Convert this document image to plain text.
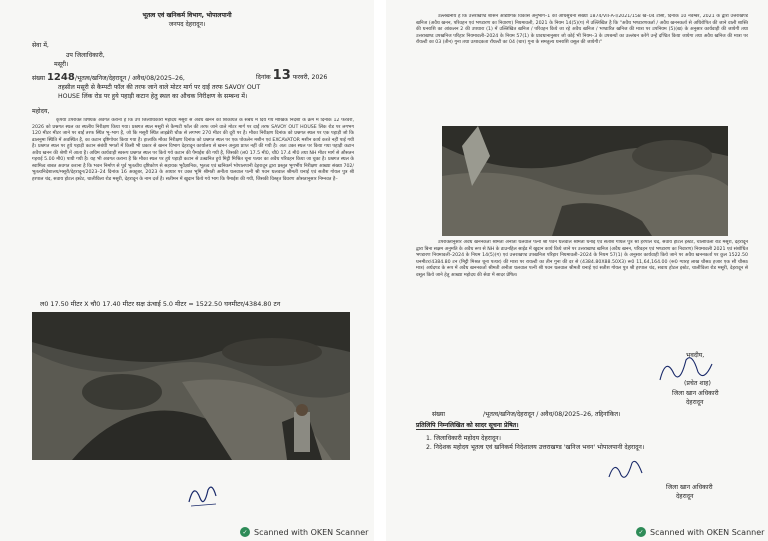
भूतत्व एवं खनिकर्म विभाग, भोपालपानी
जनपद देहरादून।
सेवा में,
उप जिलाधिकारी,
मसूरी।
संख्या 1248/भूतत्व/खनिज/देहरादून / अवैध/08/2025–26,	दिनांक 13 फरवरी, 2026
तहसील मसूरी से कैम्पटी फॉल की तरफ जाने वाले मोटर मार्ग पर दाईं तरफ SAVOY OUT
HOUSE लिंक रोड पर हुये पहाड़ी कटान हेतु स्थल का औचक निरीक्षण के सम्बन्ध में।
महोदय,
कृपया उपरोक्त विषयक अवगत कराना है कि उप जिलाधिकारी महोदय मसूरी से अवैध खनन की शिकायत के संबंध में दिये गये मौखिक निर्देशों के क्रम में दिनांक 12 फरवरी, 2026 को प्रश्नगत स्थल का स्थलीय निरीक्षण किया गया। प्रश्नगत स्थल मसूरी से कैम्पटी फॉल की तरफ जाने वाले मोटर मार्ग पर दाईं तरफ SAVOY OUT HOUSE लिंक रोड पर लगभग 120 मीटर मीटर जाने पर बाईं तरफ स्थित भू–भाग है, जो कि मसूरी स्थित लाइब्रेरी चौक से लगभग 270 मीटर की दूरी पर है। मौका निरीक्षण दिनांक को प्रश्नगत स्थल पर एक पहाड़ी जो कि ढालनुमा स्थिति में अवस्थित है, का कटान दृष्टिगोचर किया गया है। हालांकि मौका निरीक्षण दिनांक को प्रश्नगत स्थल पर एक पोकलेन मशीन एवं EXCAVATOR मशीन कार्य करते नहीं पाई गयी है। प्रश्नगत स्थल पर हुये पहाड़ी कटान संबंधी भगतों में किसी भी प्रकार से खनन विभाग देहरादून कार्यालय से खनन अनुज्ञा प्राप्त नहीं की गयी है। अतः उक्त स्थल पर किया गया पहाड़ी कटान अवैध खनन की श्रेणी में आता है। अग्रिम कार्यवाही स्वरूप प्रश्नगत स्थल पर किये गये कटान की पैमाईश की गयी है, जिसकी (ल0 17.5 मी0, चौ0 17.4 मी0 तथा NH मीटर मार्ग से औसतन गहराई 5.00 मी0) पायी गयी है। यह भी अवगत कराना है कि मौका स्थल पर हुये पहाड़ी कटान से उत्खनित हुये मिट्टी मिश्रित चूना पत्थर का अवैध परिवहन किया जा चुका है। प्रश्नगत स्थल के स्वामित्व बाबत अवगत कराना है कि भवन निर्माण से पूर्व भूतत्वीय दृष्टिकोण से सहायक भूवैज्ञानिक, भूतत्व एवं खनिकर्म भोपालपानी देहरादून द्वारा प्रस्तुत भूगर्भीय निरीक्षण आख्या संख्या 702/भूतत्वनिदेशालय/मसूरी/देहरादून/2023–24 दिनांक 16 अक्टूबर, 2023 के आधार पर उक्त भूमि श्रीमती अनीता थलवाल पत्नी श्री पवन थलवाल श्रीमती धनाई एवं सतीश गोयल पुत्र श्री हरपाल चंद, सवाय होटल इस्टेट, चालीविला रोड मसूरी, देहरादून के नाम दर्ज है। सतीमन में खुदान किये गये भाग कि पैमाईश की गयी, जिसकी विस्तृत विवरण ओसतानुसार निम्नवत है–
ल0 17.50 मीटर X चौ0 17.40 मीटर सक्ष ऊंचाई 5.0 मीटर = 1522.50 घनमीटर/4384.80 टन
✓ Scanned with OKEN Scanner
उल्लेखनीय है कि उत्तराखण्ड शासन औद्योगिक विकास अनुभाग–1 की अधिसूचना संख्या 1874/VII-A-I/2021/158 ख–04 टीसी, दिनांक 10 नवम्बर, 2021 के द्वारा उत्तराखण्ड खनिज (अवैध खनन, परिवहन एवं भण्डारण का निवारण) नियमावली, 2021 के नियम 14(5)(ग) में उल्लिखित है कि "अवैध भण्डारणकर्ता / अवैध खननकर्ता से अधिरोपित की जाने वाली शास्ति की धनराशि का आंकलन 2 की उपधारा (1) में उल्लिखित खनिज / परिवहन किये जा रहे अवैध खनिज / भण्डारित खनिज की मात्रा पर उपनियम (5)(ख) के अनुसार कार्यवाही की जायेगी तथा उत्तराखण्ड उपखनिज परिहार नियमावली–2024 के नियम 57(1) के प्रावधानानुसार जो कोई भी नियम–3 के उपबन्धों का उल्लंघन करेंगे उन्हें दण्डित किया जायेगा तथा अवैध खनिज की मात्रा पर रॉयल्टी का 03 (तीन) गुना तथा उत्पादकता रॉयल्टी का 04 (चार) गुना के समतुल्य धनराशि वसूल की जायेगी।"
उपरोक्तानुसार अवैध खननकर्ता श्रीमती अनीता थलवाल पत्नी श्री पवन थलवाल श्रीमती धनाई एवं सतीश गोयल पुत्र श्री हरपाल चंद, सवाय होटल इस्टेट, चालीविला रोड मसूरी, देहरादून द्वारा बिना सक्षम अनुमति के अवैध रूप से NH के डाउनहिल साईड में खुदान कार्य किये जाने पर उत्तराखण्ड खनिज (अवैध खनन, परिवहन एवं भण्डारण का निवारण) नियमावली 2021 एवं संशोधित भण्डारण नियमावली–2024 के नियम 14(5)(ग) एवं उत्तराखण्ड उपखनिज परिहार नियमावली–2024 के नियम 57(1) के अनुसार कार्यवाही किये जाने पर अवैध खननकर्ता पर कुल 1522.50 घनमीटर/4384.80 टन (मिट्टी मिश्रत चूना पत्थर) की मात्रा पर रायल्टी का तीन गुना की दर से (4384.80X88.50X3) रू0 11,64,164.00 (रू0 ग्यारह लाख चौसठ हजार एक सौ चौसठ मात्र) अर्थदण्ड के रूप में अवैध खननकर्ता श्रीमती अनीता थलवाल पत्नी श्री पवन थलवाल श्रीमती धनाई एवं सतीश गोयल पुत्र श्री हरपाल चंद, सवाय होटल इस्टेट, चालीविला रोड मसूरी, देहरादून से वसूल किये जाने हेतु आख्या महोदय की सेवा में सादर प्रेषित।
भवदीय,
(प्रचेत शाह)
जिला खान अधिकारी
देहरादून
संख्या	/भूतत्व/खनिज/देहरादून / अवैध/08/2025–26, तद्दिनांकित।
प्रतिलिपि निम्नलिखित को सादर सूचना प्रेषित।
1. जिलाधिकारी महोदय देहरादून।
2. निदेशक महोदय भूतत्व एवं खनिकर्म निदेशालय उत्तराखण्ड 'खनिज भवन' भोपालपानी देहरादून।
जिला खान अधिकारी
देहरादून
✓ Scanned with OKEN Scanner
